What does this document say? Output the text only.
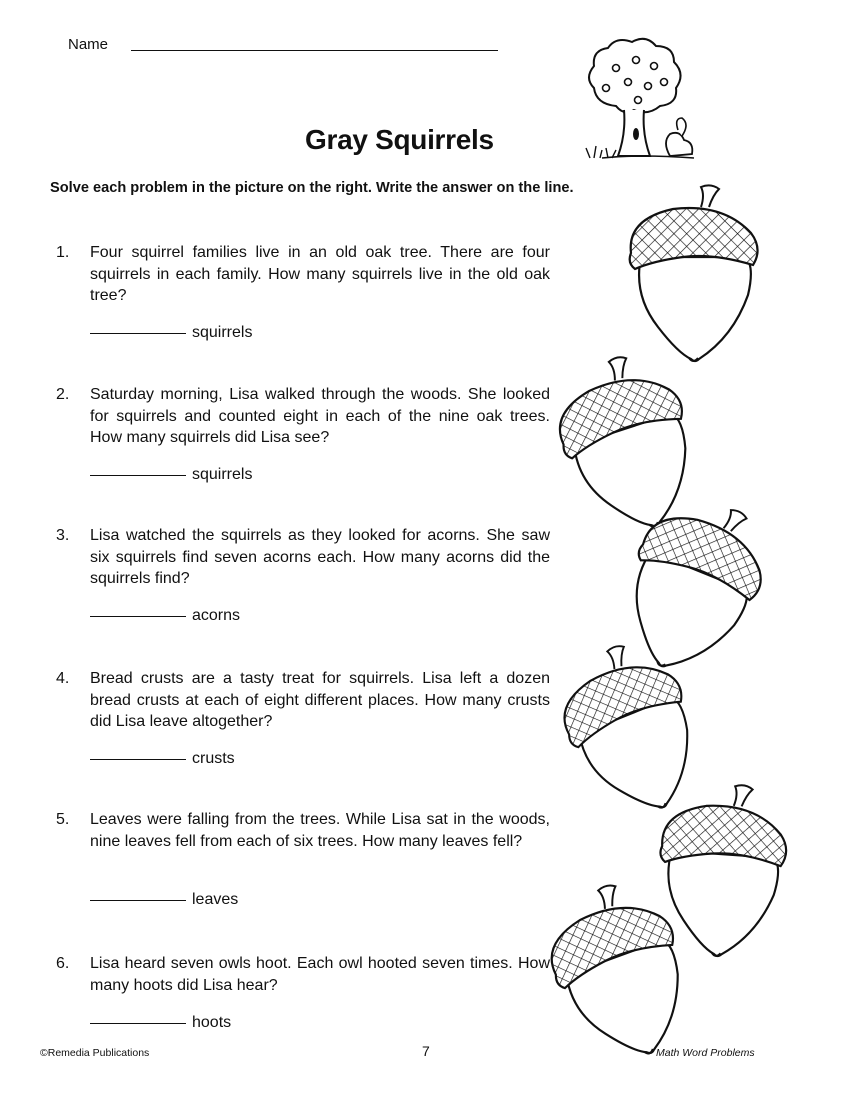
Name
Gray Squirrels
Solve each problem in the picture on the right. Write the answer on the line.
1.	Four squirrel families live in an old oak tree. There are four squirrels in each family. How many squirrels live in the old oak tree?
squirrels
2.	Saturday morning, Lisa walked through the woods. She looked for squirrels and counted eight in each of the nine oak trees. How many squirrels did Lisa see?
squirrels
3.	Lisa watched the squirrels as they looked for acorns. She saw six squirrels find seven acorns each. How many acorns did the squirrels find?
acorns
4.	Bread crusts are a tasty treat for squirrels. Lisa left a dozen bread crusts at each of eight different places. How many crusts did Lisa leave altogether?
crusts
5.	Leaves were falling from the trees. While Lisa sat in the woods, nine leaves fell from each of six trees. How many leaves fell?
leaves
6.	Lisa heard seven owls hoot. Each owl hooted seven times. How many hoots did Lisa hear?
hoots
©Remedia Publications	7	Math Word Problems
